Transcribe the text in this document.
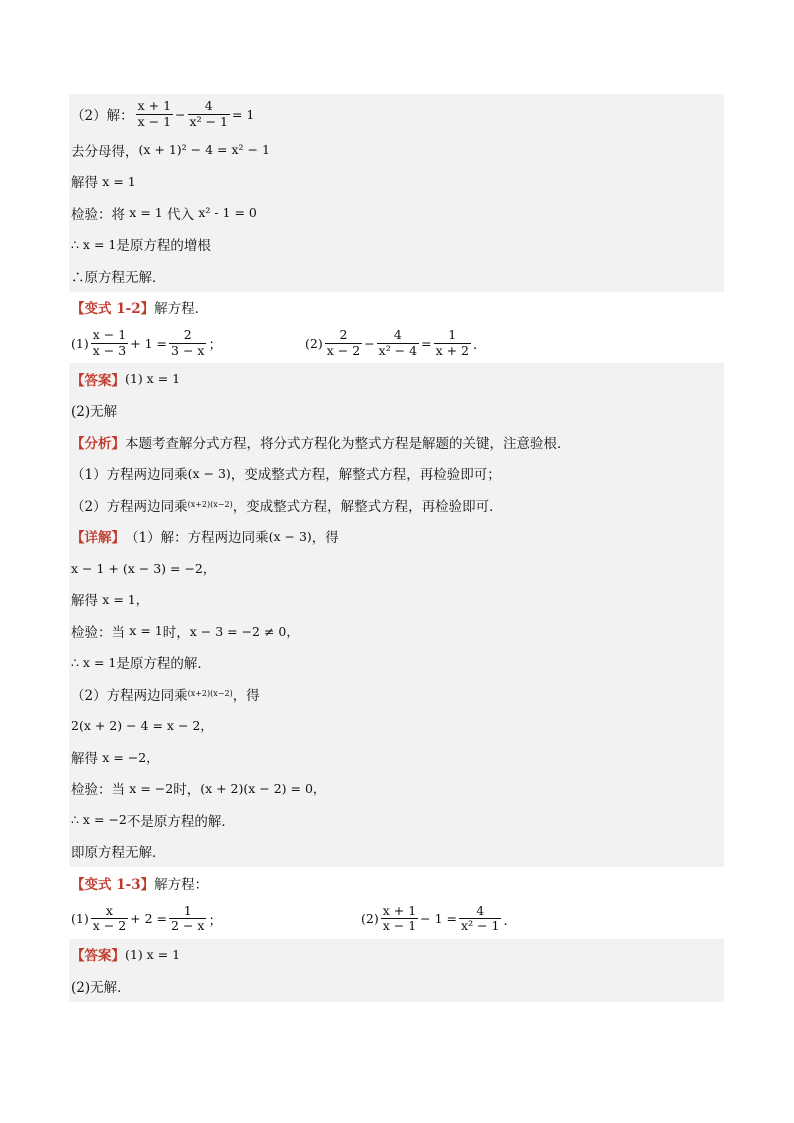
（2）解： $\frac{x + 1}{x - 1} - \frac{4}{\text{x² − 1}} = 1$
去分母得， (x + 1)² − 4 = x² − 1
解得
x = 1
检验：将
x = 1
代入
x² - 1 = 0
∴ x = 1 是原方程的增根
∴原方程无解．
【变式 1-2】 解方程．
$(1) \frac{x - 1}{x - 3} + 1 = \frac{2}{3 - x}$ ；	$(2) \frac{2}{x - 2} - \frac{4}{\text{x² − 4}} = \frac{1}{x + 2}$ ．
【答案】 (1) x = 1
(2)无解
【分析】 本题考查解分式方程，将分式方程化为整式方程是解题的关键，注意验根．
（1）方程两边同乘 (x − 3) ，变成整式方程，解整式方程，再检验即可；
（2）方程两边同乘 (x+2)(x−2) ，变成整式方程，解整式方程，再检验即可．
【详解】 （1）解：方程两边同乘 (x − 3) ，得
x − 1 + (x − 3) = −2，
解得
x = 1，
检验：当
x = 1 时， x − 3 = −2 ≠ 0，
∴ x = 1 是原方程的解．
（2）方程两边同乘 (x+2)(x−2) ，得
2(x + 2) − 4 = x − 2，
解得
x = −2，
检验：当
x = −2 时， (x + 2)(x − 2) = 0，
∴ x = −2 不是原方程的解．
即原方程无解．
【变式 1-3】 解方程：
$(1) \frac{x}{x - 2} + 2 = \frac{1}{2 - x}$ ；	$(2) \frac{x + 1}{x - 1} - 1 = \frac{4}{\text{x² − 1}}$ ．
【答案】 (1) x = 1
(2)无解．
